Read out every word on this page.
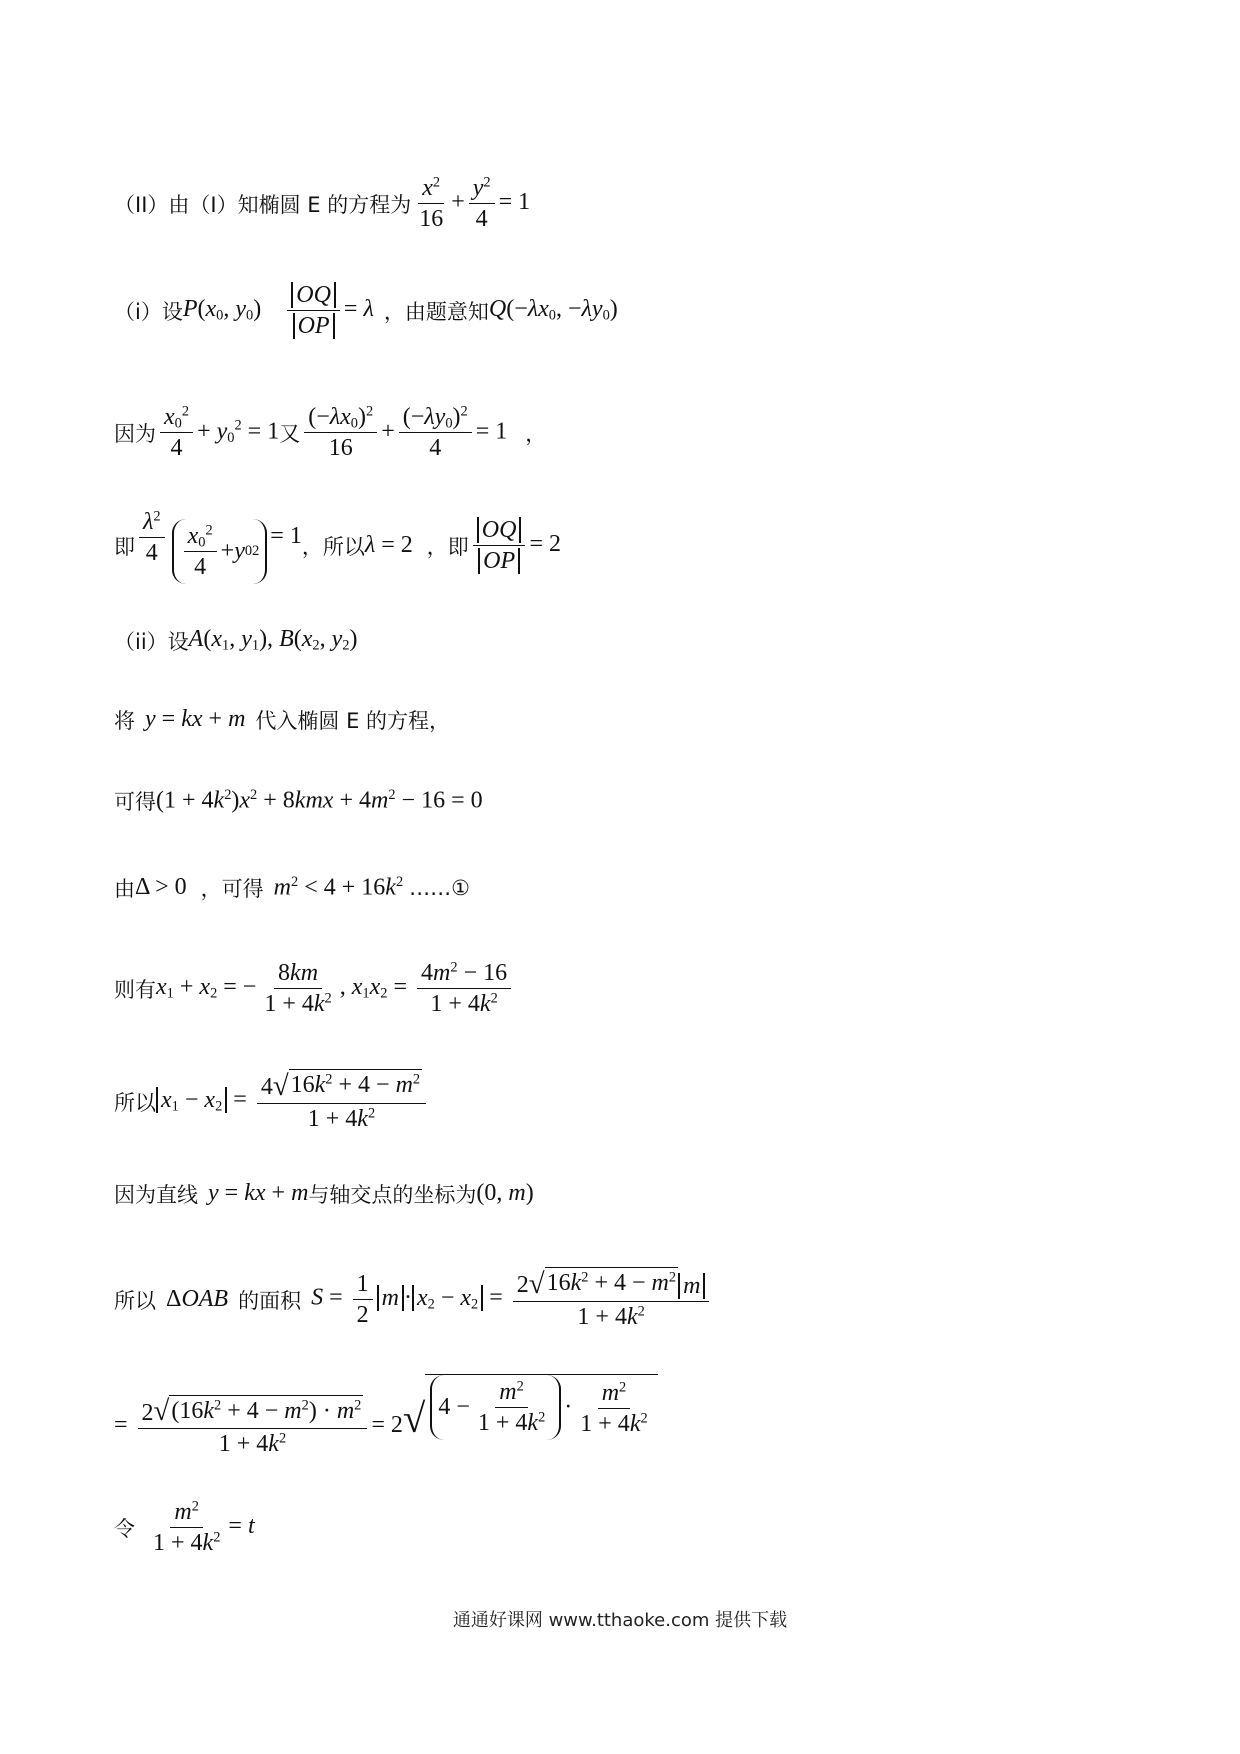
（II）由（I）知椭圆 E 的方程为 $\frac{x^2}{16} + \frac{y^2}{4} = 1$
（i）设 $P(x_0$, $y_0) \frac{OQ}{OP} = \lambda$ ，由题意知 $Q(-\lambda x_0$, $-\lambda y_0$)
因为 $\frac{x_0^2}{4} + y_0^2 = 1$ 又 $\frac{(-\lambda x_0)^2}{16} + \frac{(-\lambda y_0)^2}{4} = 1$ ，
即 $\frac{\lambda^2}{4} \frac{x_0^2}{4} + y$ 0 2
= 1 ，所以 λ = 2 ，即 $\frac{OQ}{OP} = 2$
（ii）设 $A(x_1$, $y_1$), $B(x_2$, $y_2$)
将 y = kx + m 代入椭圆 E 的方程，
可得 $(1 + 4k^2)x^2 + 8kmx + 4m^2 - 16 = 0$
由 Δ > 0 ，可得 $m^2 < 4 + 16k^2$ ……①
则有 $x_1 + x_2$ = − $\frac{8km}{1 + 4k^2}$ , $x_1x_2 = \frac{4m^2 - 16}{1 + 4k^2}$
所以 $x_1 - x_2 = \frac{4 √ 16k^2 + 4 - m^2}{1 + 4k^2}$
因为直线 y = kx + m 与轴交点的坐标为 (0, m)
所以 ΔOAB 的面积 $S = \frac{1}{2}$ $m \cdot x_2 - x_2 = \frac{2 √ 16k^2 + 4 - m^2 m}{1 + 4k^2}$
= $\frac{2 √ (16k^2 + 4 - m^2) \cdot m^2}{1 + 4k^2} = 2$ √ $4 - \frac{m^2}{1 + 4k^2} \cdot \frac{m^2}{1 + 4k^2}$
令 $\frac{m^2}{1 + 4k^2} = t$
通通好课网 www.tthaoke.com 提供下载
